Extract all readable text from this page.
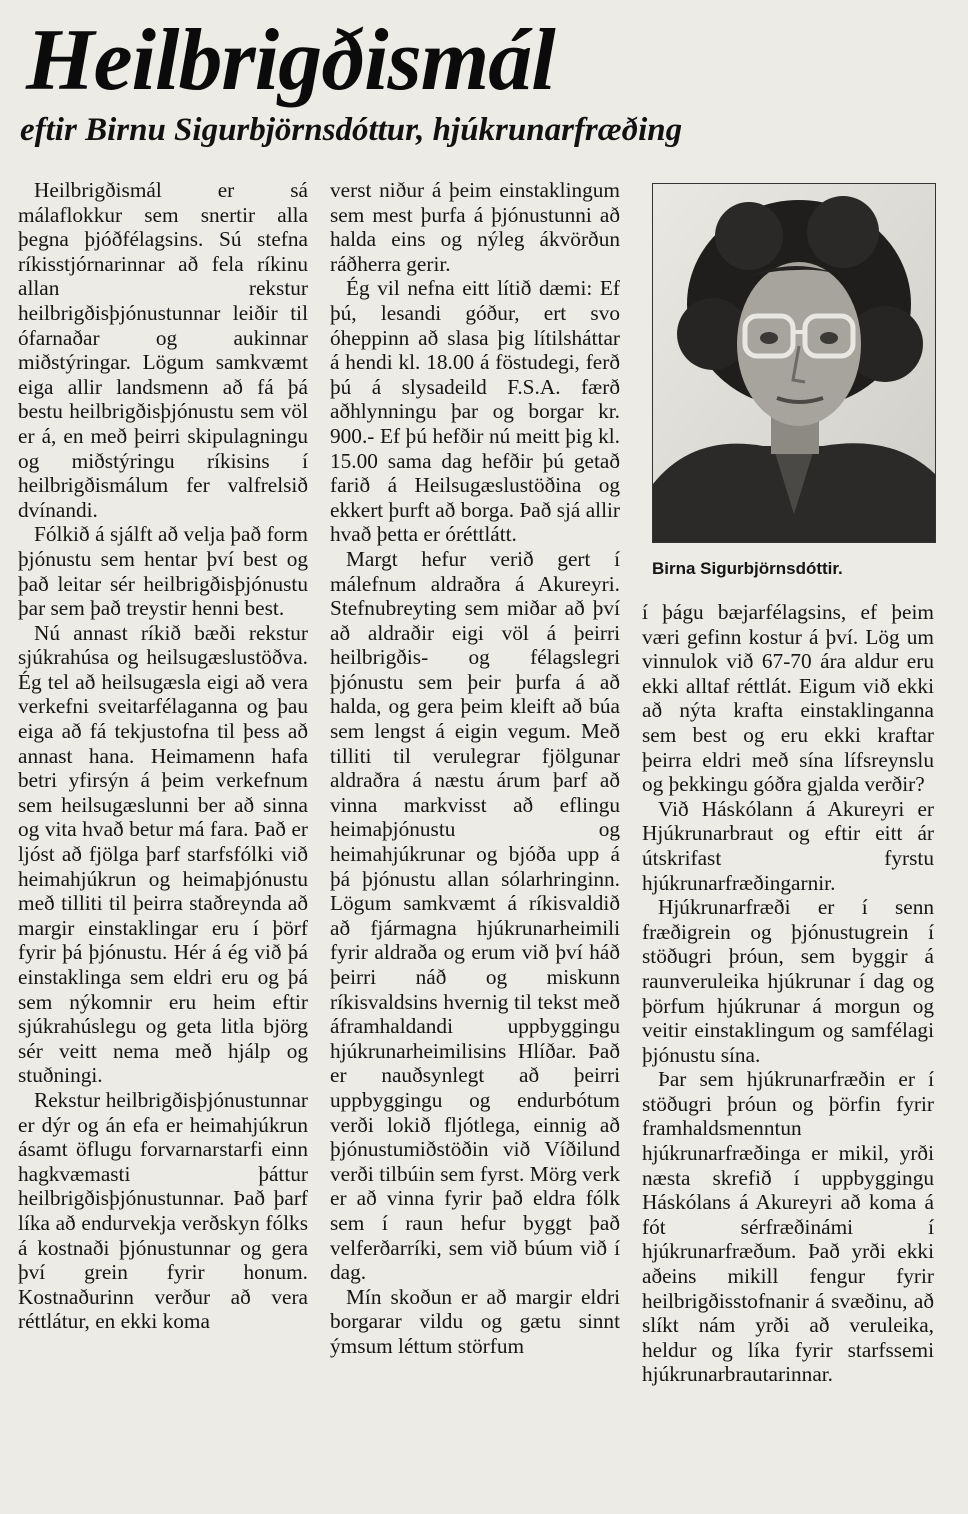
Heilbrigðismál
eftir Birnu Sigurbjörnsdóttur, hjúkrunarfræðing

Heilbrigðismál er sá málaflokkur sem snertir alla þegna þjóðfélagsins. Sú stefna ríkisstjórnarinnar að fela ríkinu allan rekstur heilbrigðisþjónustunnar leiðir til ófarnaðar og aukinnar miðstýringar. Lögum samkvæmt eiga allir landsmenn að fá þá bestu heilbrigðisþjónustu sem völ er á, en með þeirri skipulagningu og miðstýringu ríkisins í heilbrigðismálum fer valfrelsið dvínandi.

Fólkið á sjálft að velja það form þjónustu sem hentar því best og það leitar sér heilbrigðisþjónustu þar sem það treystir henni best.

Nú annast ríkið bæði rekstur sjúkrahúsa og heilsugæslustöðva. Ég tel að heilsugæsla eigi að vera verkefni sveitarfélaganna og þau eiga að fá tekjustofna til þess að annast hana. Heimamenn hafa betri yfirsýn á þeim verkefnum sem heilsugæslunni ber að sinna og vita hvað betur má fara. Það er ljóst að fjölga þarf starfsfólki við heimahjúkrun og heimaþjónustu með tilliti til þeirra staðreynda að margir einstaklingar eru í þörf fyrir þá þjónustu. Hér á ég við þá einstaklinga sem eldri eru og þá sem nýkomnir eru heim eftir sjúkrahúslegu og geta litla björg sér veitt nema með hjálp og stuðningi.

Rekstur heilbrigðisþjónustunnar er dýr og án efa er heimahjúkrun ásamt öflugu forvarnarstarfi einn hagkvæmasti þáttur heilbrigðisþjónustunnar. Það þarf líka að endurvekja verðskyn fólks á kostnaði þjónustunnar og gera því grein fyrir honum. Kostnaðurinn verður að vera réttlátur, en ekki koma

verst niður á þeim einstaklingum sem mest þurfa á þjónustunni að halda eins og nýleg ákvörðun ráðherra gerir.

Ég vil nefna eitt lítið dæmi: Ef þú, lesandi góður, ert svo óheppinn að slasa þig lítilsháttar á hendi kl. 18.00 á föstudegi, ferð þú á slysadeild F.S.A. færð aðhlynningu þar og borgar kr. 900.- Ef þú hefðir nú meitt þig kl. 15.00 sama dag hefðir þú getað farið á Heilsugæslustöðina og ekkert þurft að borga. Það sjá allir hvað þetta er óréttlátt.

Margt hefur verið gert í málefnum aldraðra á Akureyri. Stefnubreyting sem miðar að því að aldraðir eigi völ á þeirri heilbrigðis- og félagslegri þjónustu sem þeir þurfa á að halda, og gera þeim kleift að búa sem lengst á eigin vegum. Með tilliti til verulegrar fjölgunar aldraðra á næstu árum þarf að vinna markvisst að eflingu heimaþjónustu og heimahjúkrunar og bjóða upp á þá þjónustu allan sólarhringinn. Lögum samkvæmt á ríkisvaldið að fjármagna hjúkrunarheimili fyrir aldraða og erum við því háð þeirri náð og miskunn ríkisvaldsins hvernig til tekst með áframhaldandi uppbyggingu hjúkrunarheimilisins Hlíðar. Það er nauðsynlegt að þeirri uppbyggingu og endurbótum verði lokið fljótlega, einnig að þjónustumiðstöðin við Víðilund verði tilbúin sem fyrst. Mörg verk er að vinna fyrir það eldra fólk sem í raun hefur byggt það velferðarríki, sem við búum við í dag.

Mín skoðun er að margir eldri borgarar vildu og gætu sinnt ýmsum léttum störfum

Birna Sigurbjörnsdóttir.

í þágu bæjarfélagsins, ef þeim væri gefinn kostur á því. Lög um vinnulok við 67-70 ára aldur eru ekki alltaf réttlát. Eigum við ekki að nýta krafta einstaklinganna sem best og eru ekki kraftar þeirra eldri með sína lífsreynslu og þekkingu góðra gjalda verðir?

Við Háskólann á Akureyri er Hjúkrunarbraut og eftir eitt ár útskrifast fyrstu hjúkrunarfræðingarnir.

Hjúkrunarfræði er í senn fræðigrein og þjónustugrein í stöðugri þróun, sem byggir á raunveruleika hjúkrunar í dag og þörfum hjúkrunar á morgun og veitir einstaklingum og samfélagi þjónustu sína.

Þar sem hjúkrunarfræðin er í stöðugri þróun og þörfin fyrir framhaldsmenntun hjúkrunarfræðinga er mikil, yrði næsta skrefið í uppbyggingu Háskólans á Akureyri að koma á fót sérfræðinámi í hjúkrunarfræðum. Það yrði ekki aðeins mikill fengur fyrir heilbrigðisstofnanir á svæðinu, að slíkt nám yrði að veruleika, heldur og líka fyrir starfssemi hjúkrunarbrautarinnar.
